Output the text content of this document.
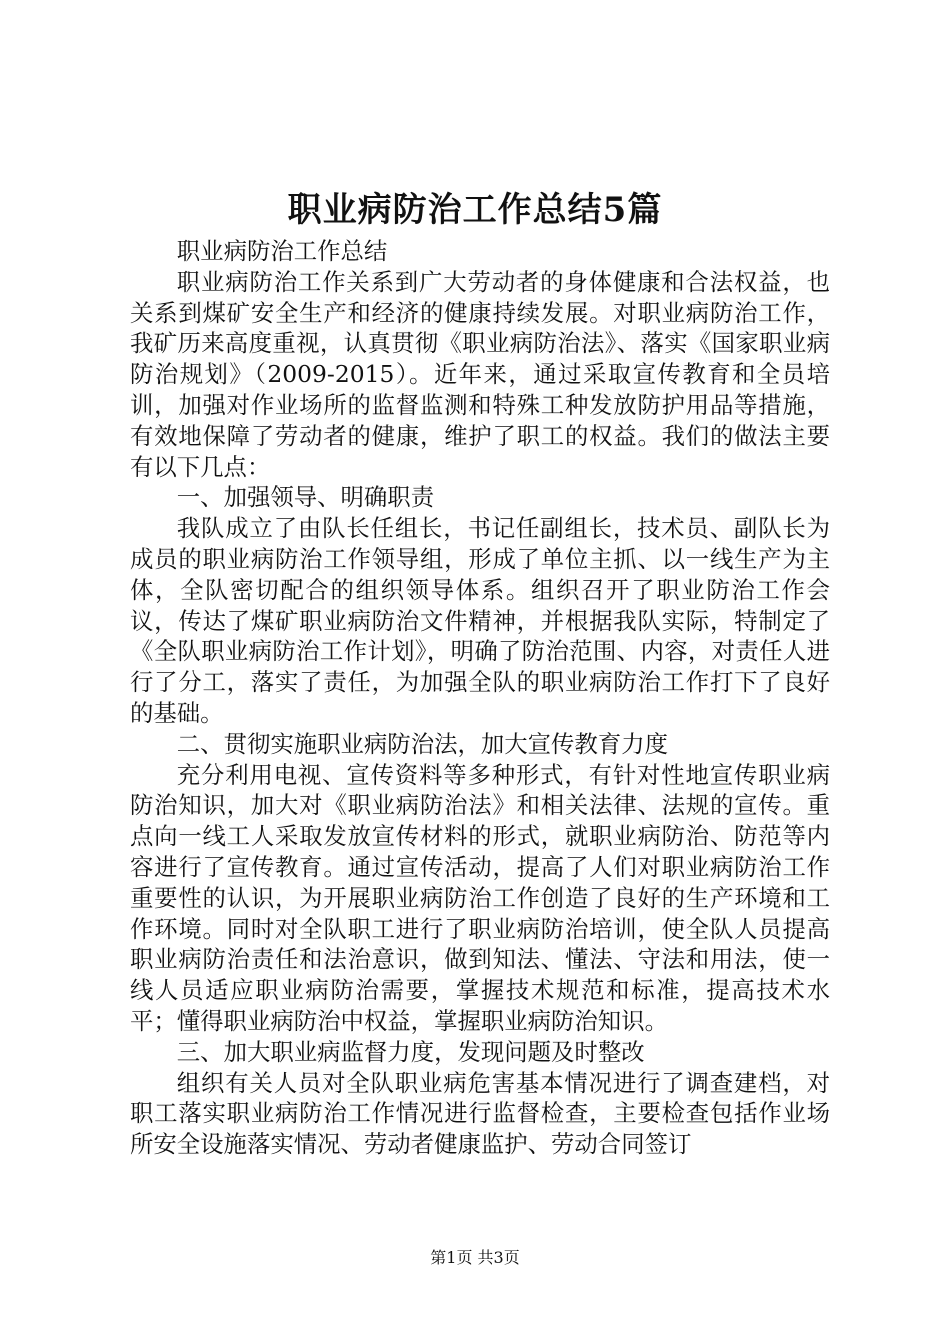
职业病防治工作总结5篇

职业病防治工作总结

职业病防治工作关系到广大劳动者的身体健康和合法权益，也关系到煤矿安全生产和经济的健康持续发展。对职业病防治工作，我矿历来高度重视，认真贯彻《职业病防治法》、落实《国家职业病防治规划》（2009-2015）。近年来，通过采取宣传教育和全员培训，加强对作业场所的监督监测和特殊工种发放防护用品等措施，有效地保障了劳动者的健康，维护了职工的权益。我们的做法主要有以下几点：

一、加强领导、明确职责

我队成立了由队长任组长，书记任副组长，技术员、副队长为成员的职业病防治工作领导组，形成了单位主抓、以一线生产为主体，全队密切配合的组织领导体系。组织召开了职业防治工作会议，传达了煤矿职业病防治文件精神，并根据我队实际，特制定了《全队职业病防治工作计划》，明确了防治范围、内容，对责任人进行了分工，落实了责任，为加强全队的职业病防治工作打下了良好的基础。

二、贯彻实施职业病防治法，加大宣传教育力度

充分利用电视、宣传资料等多种形式，有针对性地宣传职业病防治知识，加大对《职业病防治法》和相关法律、法规的宣传。重点向一线工人采取发放宣传材料的形式，就职业病防治、防范等内容进行了宣传教育。通过宣传活动，提高了人们对职业病防治工作重要性的认识，为开展职业病防治工作创造了良好的生产环境和工作环境。同时对全队职工进行了职业病防治培训，使全队人员提高职业病防治责任和法治意识，做到知法、懂法、守法和用法，使一线人员适应职业病防治需要，掌握技术规范和标准，提高技术水平；懂得职业病防治中权益，掌握职业病防治知识。

三、加大职业病监督力度，发现问题及时整改

组织有关人员对全队职业病危害基本情况进行了调查建档，对职工落实职业病防治工作情况进行监督检查，主要检查包括作业场所安全设施落实情况、劳动者健康监护、劳动合同签订

第1页 共3页
